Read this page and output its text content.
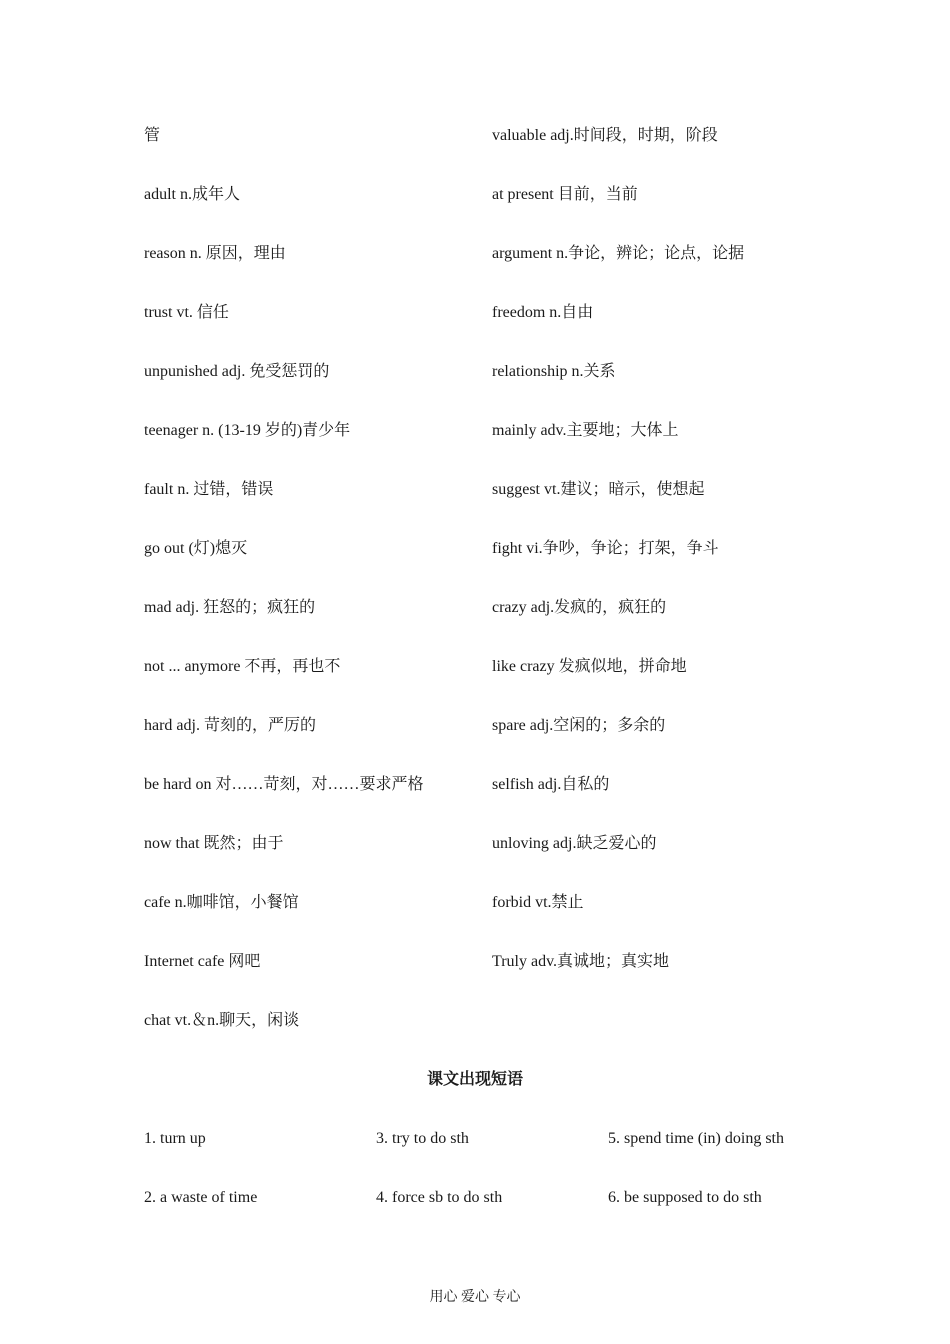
管	valuable adj.时间段，时期，阶段
adult n.成年人	at present 目前，当前
reason n. 原因，理由	argument n.争论，辨论；论点，论据
trust vt. 信任	freedom n.自由
unpunished adj. 免受惩罚的	relationship n.关系
teenager n. (13-19 岁的)青少年	mainly adv.主要地；大体上
fault n. 过错，错误	suggest vt.建议；暗示，使想起
go out (灯)熄灭	fight vi.争吵，争论；打架，争斗
mad adj. 狂怒的；疯狂的	crazy adj.发疯的，疯狂的
not ... anymore 不再，再也不	like crazy 发疯似地，拼命地
hard adj. 苛刻的，严厉的	spare adj.空闲的；多余的
be hard on 对……苛刻，对……要求严格	selfish adj.自私的
now that 既然；由于	unloving adj.缺乏爱心的
cafe n.咖啡馆，小餐馆	forbid vt.禁止
Internet cafe 网吧	Truly adv.真诚地；真实地
chat vt.＆n.聊天，闲谈
课文出现短语
1. turn up	3. try to do sth	5. spend time (in) doing sth
2. a waste of time	4. force sb to do sth	6. be supposed to do sth
用心 爱心 专心
